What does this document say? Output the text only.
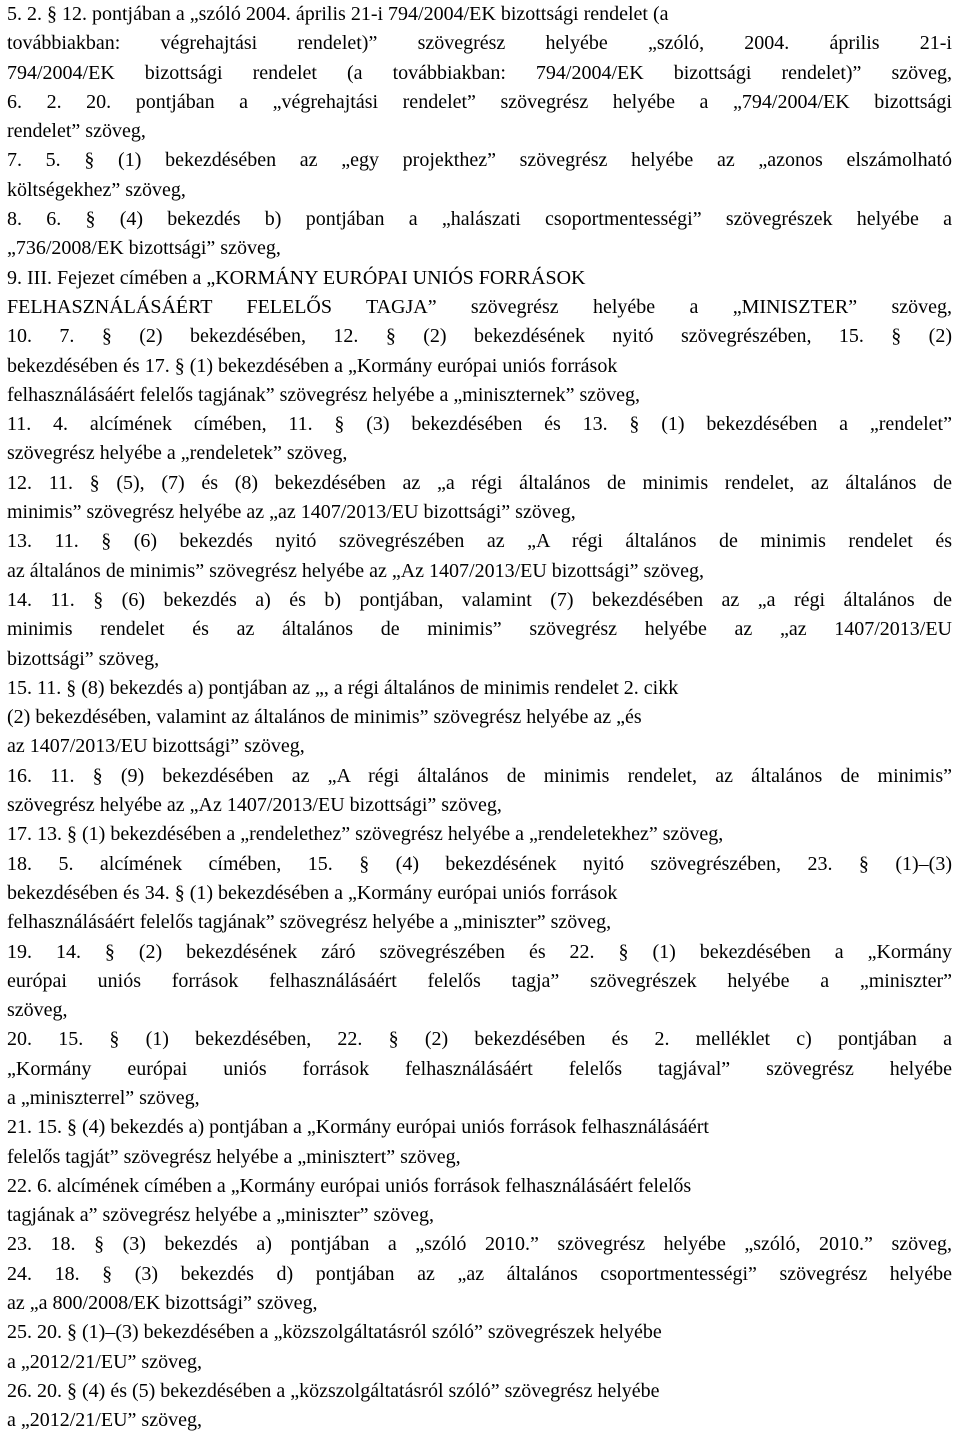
5. 2. § 12. pontjában a „szóló 2004. április 21-i 794/2004/EK bizottsági rendelet (a
továbbiakban: végrehajtási rendelet)” szövegrész helyébe „szóló, 2004. április 21-i
794/2004/EK bizottsági rendelet (a továbbiakban: 794/2004/EK bizottsági rendelet)” szöveg,
6. 2. 20. pontjában a „végrehajtási rendelet” szövegrész helyébe a „794/2004/EK bizottsági
rendelet” szöveg,
7. 5. § (1) bekezdésében az „egy projekthez” szövegrész helyébe az „azonos elszámolható
költségekhez” szöveg,
8. 6. § (4) bekezdés b) pontjában a „halászati csoportmentességi” szövegrészek helyébe a
„736/2008/EK bizottsági” szöveg,
9. III. Fejezet címében a „KORMÁNY EURÓPAI UNIÓS FORRÁSOK
FELHASZNÁLÁSÁÉRT FELELŐS TAGJA” szövegrész helyébe a „MINISZTER” szöveg,
10. 7. § (2) bekezdésében, 12. § (2) bekezdésének nyitó szövegrészében, 15. § (2)
bekezdésében és 17. § (1) bekezdésében a „Kormány európai uniós források
felhasználásáért felelős tagjának” szövegrész helyébe a „miniszternek” szöveg,
11. 4. alcímének címében, 11. § (3) bekezdésében és 13. § (1) bekezdésében a „rendelet”
szövegrész helyébe a „rendeletek” szöveg,
12. 11. § (5), (7) és (8) bekezdésében az „a régi általános de minimis rendelet, az általános de
minimis” szövegrész helyébe az „az 1407/2013/EU bizottsági” szöveg,
13. 11. § (6) bekezdés nyitó szövegrészében az „A régi általános de minimis rendelet és
az általános de minimis” szövegrész helyébe az „Az 1407/2013/EU bizottsági” szöveg,
14. 11. § (6) bekezdés a) és b) pontjában, valamint (7) bekezdésében az „a régi általános de
minimis rendelet és az általános de minimis” szövegrész helyébe az „az 1407/2013/EU
bizottsági” szöveg,
15. 11. § (8) bekezdés a) pontjában az „, a régi általános de minimis rendelet 2. cikk
(2) bekezdésében, valamint az általános de minimis” szövegrész helyébe az „és
az 1407/2013/EU bizottsági” szöveg,
16. 11. § (9) bekezdésében az „A régi általános de minimis rendelet, az általános de minimis”
szövegrész helyébe az „Az 1407/2013/EU bizottsági” szöveg,
17. 13. § (1) bekezdésében a „rendelethez” szövegrész helyébe a „rendeletekhez” szöveg,
18. 5. alcímének címében, 15. § (4) bekezdésének nyitó szövegrészében, 23. § (1)–(3)
bekezdésében és 34. § (1) bekezdésében a „Kormány európai uniós források
felhasználásáért felelős tagjának” szövegrész helyébe a „miniszter” szöveg,
19. 14. § (2) bekezdésének záró szövegrészében és 22. § (1) bekezdésében a „Kormány
európai uniós források felhasználásáért felelős tagja” szövegrészek helyébe a „miniszter”
szöveg,
20. 15. § (1) bekezdésében, 22. § (2) bekezdésében és 2. melléklet c) pontjában a
„Kormány európai uniós források felhasználásáért felelős tagjával” szövegrész helyébe
a „miniszterrel” szöveg,
21. 15. § (4) bekezdés a) pontjában a „Kormány európai uniós források felhasználásáért
felelős tagját” szövegrész helyébe a „minisztert” szöveg,
22. 6. alcímének címében a „Kormány európai uniós források felhasználásáért felelős
tagjának a” szövegrész helyébe a „miniszter” szöveg,
23. 18. § (3) bekezdés a) pontjában a „szóló 2010.” szövegrész helyébe „szóló, 2010.” szöveg,
24. 18. § (3) bekezdés d) pontjában az „az általános csoportmentességi” szövegrész helyébe
az „a 800/2008/EK bizottsági” szöveg,
25. 20. § (1)–(3) bekezdésében a „közszolgáltatásról szóló” szövegrészek helyébe
a „2012/21/EU” szöveg,
26. 20. § (4) és (5) bekezdésében a „közszolgáltatásról szóló” szövegrész helyébe
a „2012/21/EU” szöveg,
